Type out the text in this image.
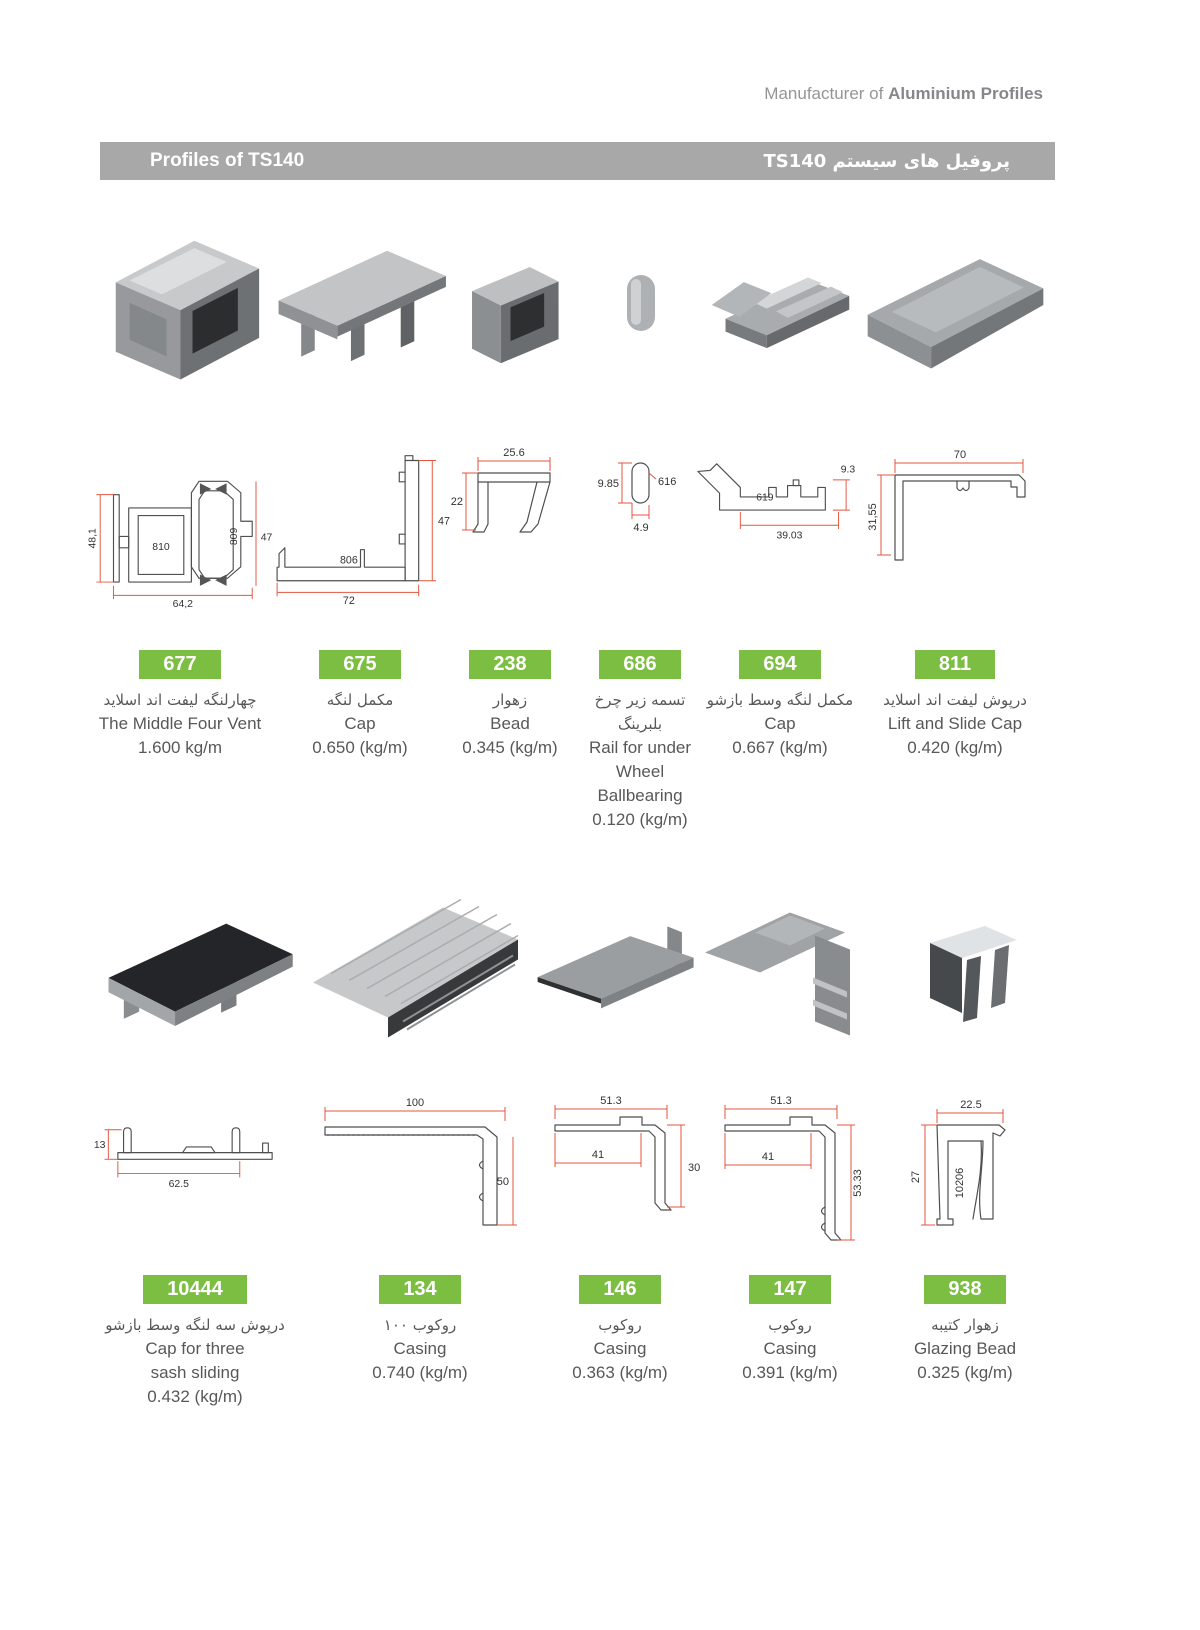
Manufacturer of Aluminium Profiles
Profiles of TS140	پروفیل های سیستم TS140
48,1	810
809 47
64,2
677
چهارلنگه لیفت اند اسلاید
The Middle Four Vent
1.600 kg/m
806
47
72
675
مکمل لنگه
Cap
0.650 (kg/m)
25.6
22
238
زهوار
Bead
0.345 (kg/m)
9.85	616
4.9
686
تسمه زیر چرخ بلبرینگ
Rail for under
Wheel Ballbearing
0.120 (kg/m)
619
39.03
9.3
694
مکمل لنگه وسط بازشو
Cap
0.667 (kg/m)
70
31,55
811
درپوش لیفت اند اسلاید
Lift and Slide Cap
0.420 (kg/m)
13
62.5
10444
درپوش سه لنگه وسط بازشو
Cap for three
sash sliding
0.432 (kg/m)
100
50
134
روکوب ۱۰۰
Casing
0.740 (kg/m)
51.3
41
30
146
روکوب
Casing
0.363 (kg/m)
51.3
41
53.33
147
روکوب
Casing
0.391 (kg/m)
22.5
27	10206
938
زهوار کتیبه
Glazing Bead
0.325 (kg/m)
